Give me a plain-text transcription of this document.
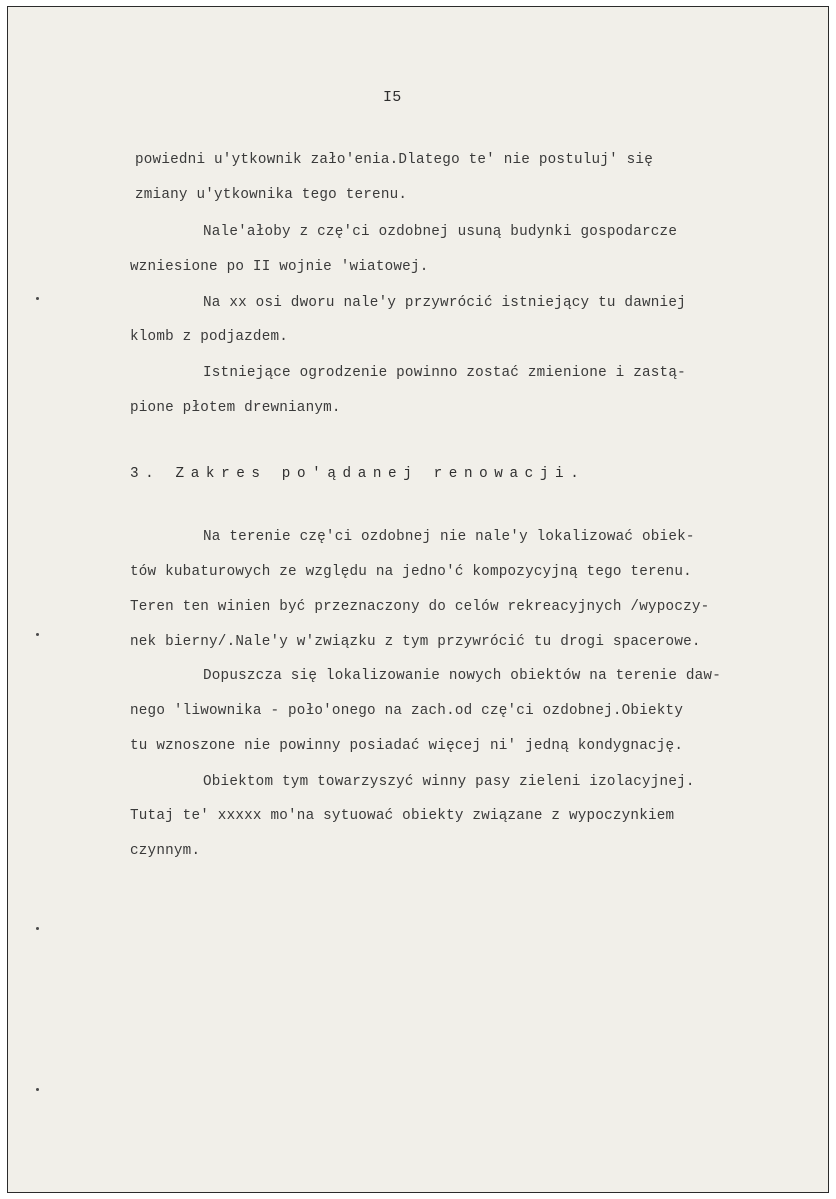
I5
powiedni u'ytkownik zało'enia.Dlatego te' nie postuluj' się
zmiany u'ytkownika tego terenu.
Nale'ałoby z czę'ci ozdobnej usuną budynki gospodarcze
wzniesione po II wojnie 'wiatowej.
Na xx osi dworu nale'y przywrócić istniejący tu dawniej
klomb z podjazdem.
Istniejące ogrodzenie powinno zostać zmienione i zastą-
pione płotem drewnianym.
3. Zakres po'ądanej renowacji.
Na terenie czę'ci ozdobnej nie nale'y lokalizować obiek-
tów kubaturowych ze względu na jedno'ć kompozycyjną tego terenu.
Teren ten winien być przeznaczony do celów rekreacyjnych /wypoczy-
nek bierny/.Nale'y w'związku z tym przywrócić tu drogi spacerowe.
Dopuszcza się lokalizowanie nowych obiektów na terenie daw-
nego 'liwownika - poło'onego na zach.od czę'ci ozdobnej.Obiekty
tu wznoszone nie powinny posiadać więcej ni' jedną kondygnację.
Obiektom tym towarzyszyć winny pasy zieleni izolacyjnej.
Tutaj te' xxxxx mo'na sytuować obiekty związane z wypoczynkiem
czynnym.
